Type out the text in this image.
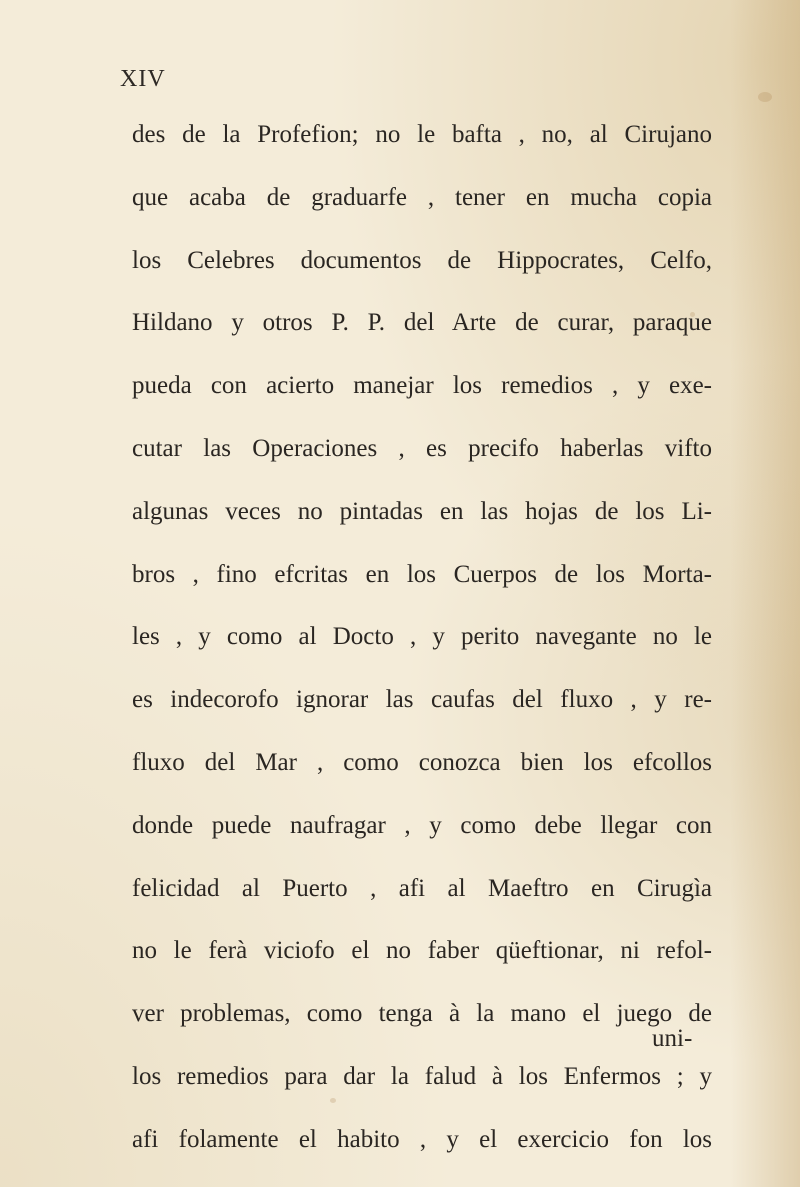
XIV
des de la Profefion; no le bafta , no, al Cirujano
que acaba de graduarfe , tener en mucha copia
los Celebres documentos de Hippocrates, Celfo,
Hildano y otros P. P. del Arte de curar, paraque
pueda con acierto manejar los remedios , y exe-
cutar las Operaciones , es precifo haberlas vifto
algunas veces no pintadas en las hojas de los Li-
bros , fino efcritas en los Cuerpos de los Morta-
les , y como al Docto , y perito navegante no le
es indecorofo ignorar las caufas del fluxo , y re-
fluxo del Mar , como conozca bien los efcollos
donde puede naufragar , y como debe llegar con
felicidad al Puerto , afi al Maeftro en Cirugìa
no le ferà viciofo el no faber qüeftionar, ni refol-
ver problemas, como tenga à la mano el juego de
los remedios para dar la falud à los Enfermos ; y
afi folamente el habito , y el exercicio fon los
uni-
